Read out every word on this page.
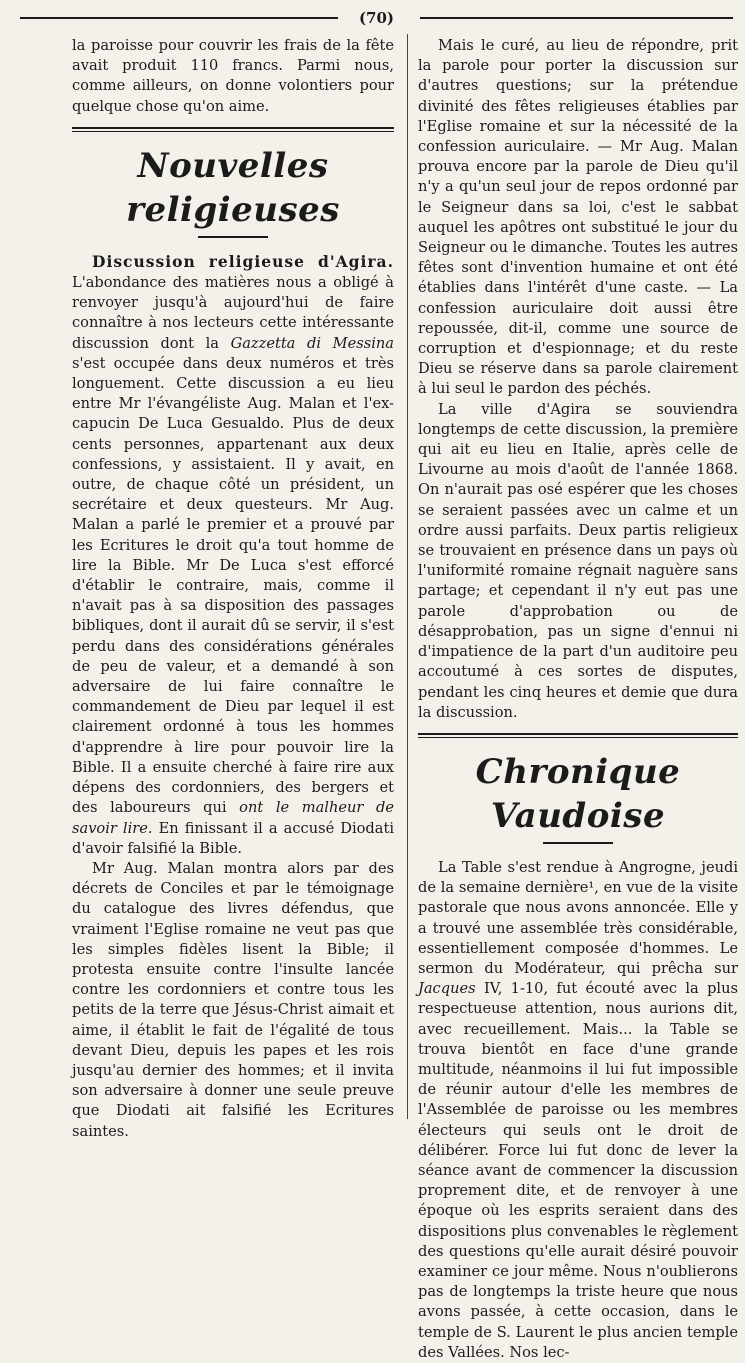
(70)

la paroisse pour couvrir les frais de la fête avait produit 110 francs. Parmi nous, comme ailleurs, on donne volontiers pour quelque chose qu'on aime.

Nouvelles religieuses

Discussion religieuse d'Agira. L'abondance des matières nous a obligé à renvoyer jusqu'à aujourd'hui de faire connaître à nos lecteurs cette intéressante discussion dont la Gazzetta di Messina s'est occupée dans deux numéros et très longuement. Cette discussion a eu lieu entre Mr l'évangéliste Aug. Malan et l'ex-capucin De Luca Gesualdo. Plus de deux cents personnes, appartenant aux deux confessions, y assistaient. Il y avait, en outre, de chaque côté un président, un secrétaire et deux questeurs. Mr Aug. Malan a parlé le premier et a prouvé par les Ecritures le droit qu'a tout homme de lire la Bible. Mr De Luca s'est efforcé d'établir le contraire, mais, comme il n'avait pas à sa disposition des passages bibliques, dont il aurait dû se servir, il s'est perdu dans des considérations générales de peu de valeur, et a demandé à son adversaire de lui faire connaître le commandement de Dieu par lequel il est clairement ordonné à tous les hommes d'apprendre à lire pour pouvoir lire la Bible. Il a ensuite cherché à faire rire aux dépens des cordonniers, des bergers et des laboureurs qui ont le malheur de savoir lire. En finissant il a accusé Diodati d'avoir falsifié la Bible.

Mr Aug. Malan montra alors par des décrets de Conciles et par le témoignage du catalogue des livres défendus, que vraiment l'Eglise romaine ne veut pas que les simples fidèles lisent la Bible; il protesta ensuite contre l'insulte lancée contre les cordonniers et contre tous les petits de la terre que Jésus-Christ aimait et aime, il établit le fait de l'égalité de tous devant Dieu, depuis les papes et les rois jusqu'au dernier des hommes; et il invita son adversaire à donner une seule preuve que Diodati ait falsifié les Ecritures saintes.

Mais le curé, au lieu de répondre, prit la parole pour porter la discussion sur d'autres questions; sur la prétendue divinité des fêtes religieuses établies par l'Eglise romaine et sur la nécessité de la confession auriculaire. — Mr Aug. Malan prouva encore par la parole de Dieu qu'il n'y a qu'un seul jour de repos ordonné par le Seigneur dans sa loi, c'est le sabbat auquel les apôtres ont substitué le jour du Seigneur ou le dimanche. Toutes les autres fêtes sont d'invention humaine et ont été établies dans l'intérêt d'une caste. — La confession auriculaire doit aussi être repoussée, dit-il, comme une source de corruption et d'espionnage; et du reste Dieu se réserve dans sa parole clairement à lui seul le pardon des péchés.

La ville d'Agira se souviendra longtemps de cette discussion, la première qui ait eu lieu en Italie, après celle de Livourne au mois d'août de l'année 1868. On n'aurait pas osé espérer que les choses se seraient passées avec un calme et un ordre aussi parfaits. Deux partis religieux se trouvaient en présence dans un pays où l'uniformité romaine régnait naguère sans partage; et cependant il n'y eut pas une parole d'approbation ou de désapprobation, pas un signe d'ennui ni d'impatience de la part d'un auditoire peu accoutumé à ces sortes de disputes, pendant les cinq heures et demie que dura la discussion.

Chronique Vaudoise

La Table s'est rendue à Angrogne, jeudi de la semaine dernière¹, en vue de la visite pastorale que nous avons annoncée. Elle y a trouvé une assemblée très considérable, essentiellement composée d'hommes. Le sermon du Modérateur, qui prêcha sur Jacques IV, 1-10, fut écouté avec la plus respectueuse attention, nous aurions dit, avec recueillement. Mais... la Table se trouva bientôt en face d'une grande multitude, néanmoins il lui fut impossible de réunir autour d'elle les membres de l'Assemblée de paroisse ou les membres électeurs qui seuls ont le droit de délibérer. Force lui fut donc de lever la séance avant de commencer la discussion proprement dite, et de renvoyer à une époque où les esprits seraient dans des dispositions plus convenables le règlement des questions qu'elle aurait désiré pouvoir examiner ce jour même. Nous n'oublierons pas de longtemps la triste heure que nous avons passée, à cette occasion, dans le temple de S. Laurent le plus ancien temple des Vallées. Nos lec-
